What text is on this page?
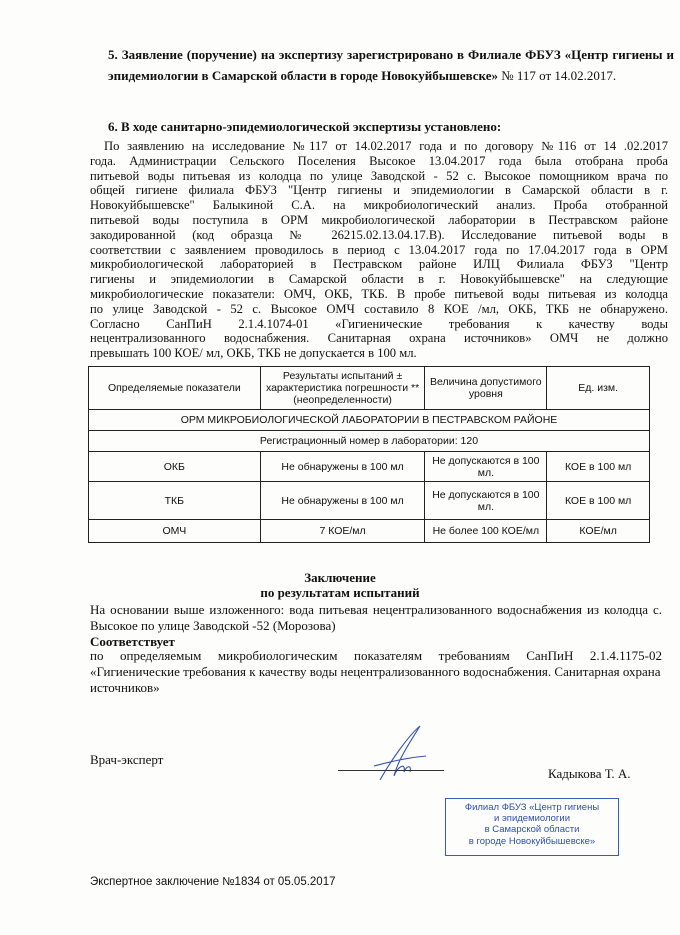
5. Заявление (поручение) на экспертизу зарегистрировано в Филиале ФБУЗ «Центр гигиены и эпидемиологии в Самарской области в городе Новокуйбышевске» № 117 от 14.02.2017.
6. В ходе санитарно-эпидемиологической экспертизы установлено:
По заявлению на исследование №117 от 14.02.2017 года и по договору №116 от 14 .02.2017
года. Администрации Сельского Поселения Высокое 13.04.2017 года была отобрана проба
питьевой воды питьевая из колодца по улице Заводской - 52 с. Высокое помощником врача по
общей гигиене филиала ФБУЗ "Центр гигиены и эпидемиологии в Самарской области в г.
Новокуйбышевске" Балыкиной С.А. на микробиологический анализ. Проба отобранной
питьевой воды поступила в ОРМ микробиологической лаборатории в Пестравском районе
закодированной (код образца № 26215.02.13.04.17.В). Исследование питьевой воды в
соответствии с заявлением проводилось в период с 13.04.2017 года по 17.04.2017 года в ОРМ
микробиологической лабораторией в Пестравском районе ИЛЦ Филиала ФБУЗ "Центр
гигиены и эпидемиологии в Самарской области в г. Новокуйбышевске" на следующие
микробиологические показатели: ОМЧ, ОКБ, ТКБ. В пробе питьевой воды питьевая из колодца
по улице Заводской - 52 с. Высокое ОМЧ составило 8 КОЕ /мл, ОКБ, ТКБ не обнаружено.
Согласно СанПиН 2.1.4.1074-01 «Гигиенические требования к качеству воды
нецентрализованного водоснабжения. Санитарная охрана источников» ОМЧ не должно
превышать 100 КОЕ/ мл, ОКБ, ТКБ не допускается в 100 мл.
Определяемые показатели	Результаты испытаний ± характеристика погрешности **(неопределенности)	Величина допустимого уровня	Ед. изм.
ОРМ МИКРОБИОЛОГИЧЕСКОЙ ЛАБОРАТОРИИ В ПЕСТРАВСКОМ РАЙОНЕ			
Регистрационный номер в лаборатории: 120			
ОКБ	Не обнаружены в 100 мл	Не допускаются в 100 мл.	КОЕ в 100 мл
ТКБ	Не обнаружены в 100 мл	Не допускаются в 100 мл.	КОЕ в 100 мл
ОМЧ	7 КОЕ/мл	Не более 100 КОЕ/мл	КОЕ/мл
Заключение
по результатам испытаний
На основании выше изложенного: вода питьевая нецентрализованного водоснабжения из колодца с. Высокое по улице Заводской -52 (Морозова)
Соответствует
по определяемым микробиологическим показателям требованиям СанПиН 2.1.4.1175-02
«Гигиенические требования к качеству воды нецентрализованного водоснабжения. Санитарная охрана источников»
Врач-эксперт
Кадыкова Т. А.
Филиал ФБУЗ «Центр гигиены
и эпидемиологии
в Самарской области
в городе Новокуйбышевске»
Экспертное заключение №1834 от 05.05.2017
